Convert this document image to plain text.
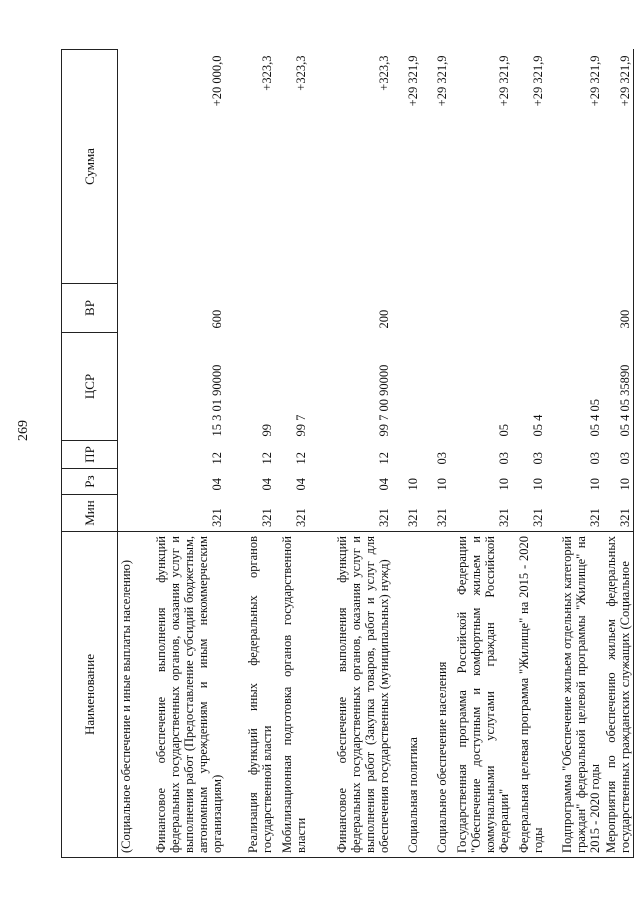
269
Наименование	Мин	Рз	ПР	ЦСР	ВР	Сумма
(Социальное обеспечение и иные выплаты населению)						
Финансовое обеспечение выполнения функций федеральных государственных органов, оказания услуг и выполнения работ (Предоставление субсидий бюджетным, автономным учреждениям и иным некоммерческим организациям)	321	04	12	15 3 01 90000	600	+20 000,0
Реализация функций иных федеральных органов государственной власти	321	04	12	99		+323,3
Мобилизационная подготовка органов государственной власти	321	04	12	99 7		+323,3
Финансовое обеспечение выполнения функций федеральных государственных органов, оказания услуг и выполнения работ (Закупка товаров, работ и услуг для обеспечения государственных (муниципальных) нужд)	321	04	12	99 7 00 90000	200	+323,3
Социальная политика	321	10				+29 321,9
Социальное обеспечение населения	321	10	03			+29 321,9
Государственная программа Российской Федерации "Обеспечение доступным и комфортным жильем и коммунальными услугами граждан Российской Федерации"	321	10	03	05		+29 321,9
Федеральная целевая программа "Жилище" на 2015 - 2020 годы	321	10	03	05 4		+29 321,9
Подпрограмма "Обеспечение жильем отдельных категорий граждан" федеральной целевой программы "Жилище" на 2015 - 2020 годы	321	10	03	05 4 05		+29 321,9
Мероприятия по обеспечению жильем федеральных государственных гражданских служащих (Социальное	321	10	03	05 4 05 35890	300	+29 321,9
